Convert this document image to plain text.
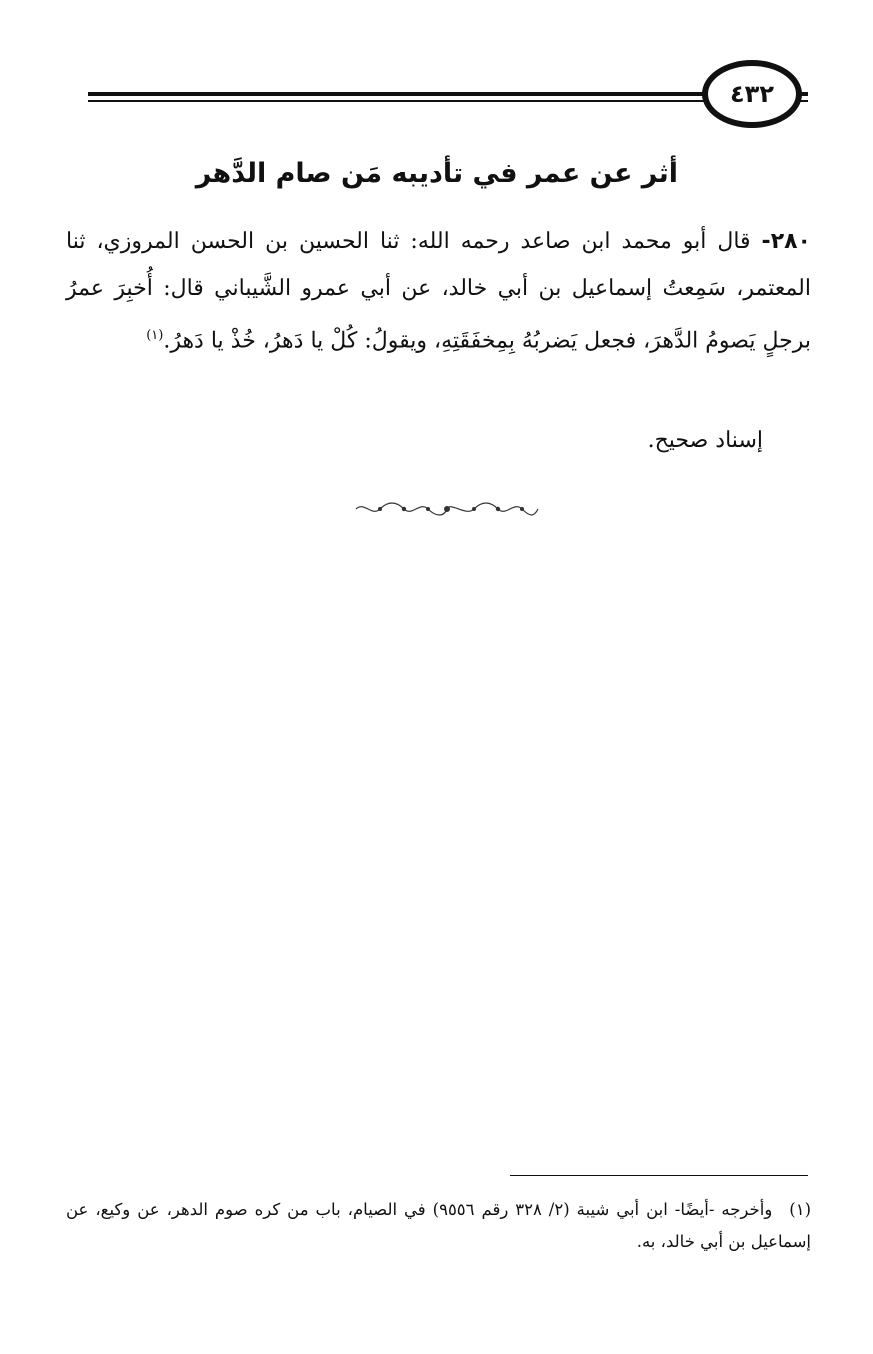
٤٣٢
أثر عن عمر في تأديبه مَن صام الدَّهر

٢٨٠- قال أبو محمد ابن صاعد رحمه الله: ثنا الحسين بن الحسن المروزي، ثنا المعتمر، سَمِعتُ إسماعيل بن أبي خالد، عن أبي عمرو الشَّيباني قال: أُخبِرَ عمرُ برجلٍ يَصومُ الدَّهرَ، فجعل يَضربُهُ بِمِخفَقَتِهِ، ويقولُ: كُلْ يا دَهرُ، خُذْ يا دَهرُ.$^{(١)}$

إسناد صحيح.

(١) وأخرجه -أيضًا- ابن أبي شيبة (٢/ ٣٢٨ رقم ٩٥٥٦) في الصيام، باب من كره صوم الدهر، عن وكيع، عن إسماعيل بن أبي خالد، به.
